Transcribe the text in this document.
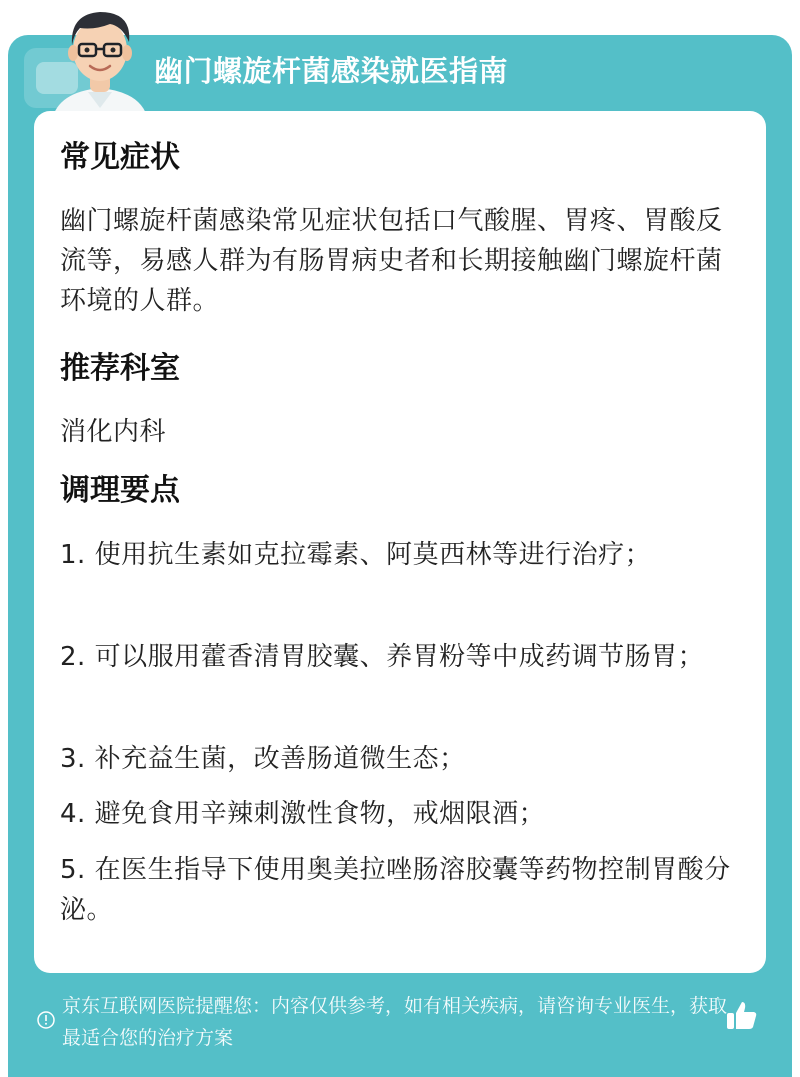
幽门螺旋杆菌感染就医指南
常见症状
幽门螺旋杆菌感染常见症状包括口气酸腥、胃疼、胃酸反流等，易感人群为有肠胃病史者和长期接触幽门螺旋杆菌环境的人群。
推荐科室
消化内科
调理要点
1. 使用抗生素如克拉霉素、阿莫西林等进行治疗；
2. 可以服用藿香清胃胶囊、养胃粉等中成药调节肠胃；
3. 补充益生菌，改善肠道微生态；
4. 避免食用辛辣刺激性食物，戒烟限酒；
5. 在医生指导下使用奥美拉唑肠溶胶囊等药物控制胃酸分泌。
京东互联网医院提醒您：内容仅供参考，如有相关疾病，请咨询专业医生，获取最适合您的治疗方案
